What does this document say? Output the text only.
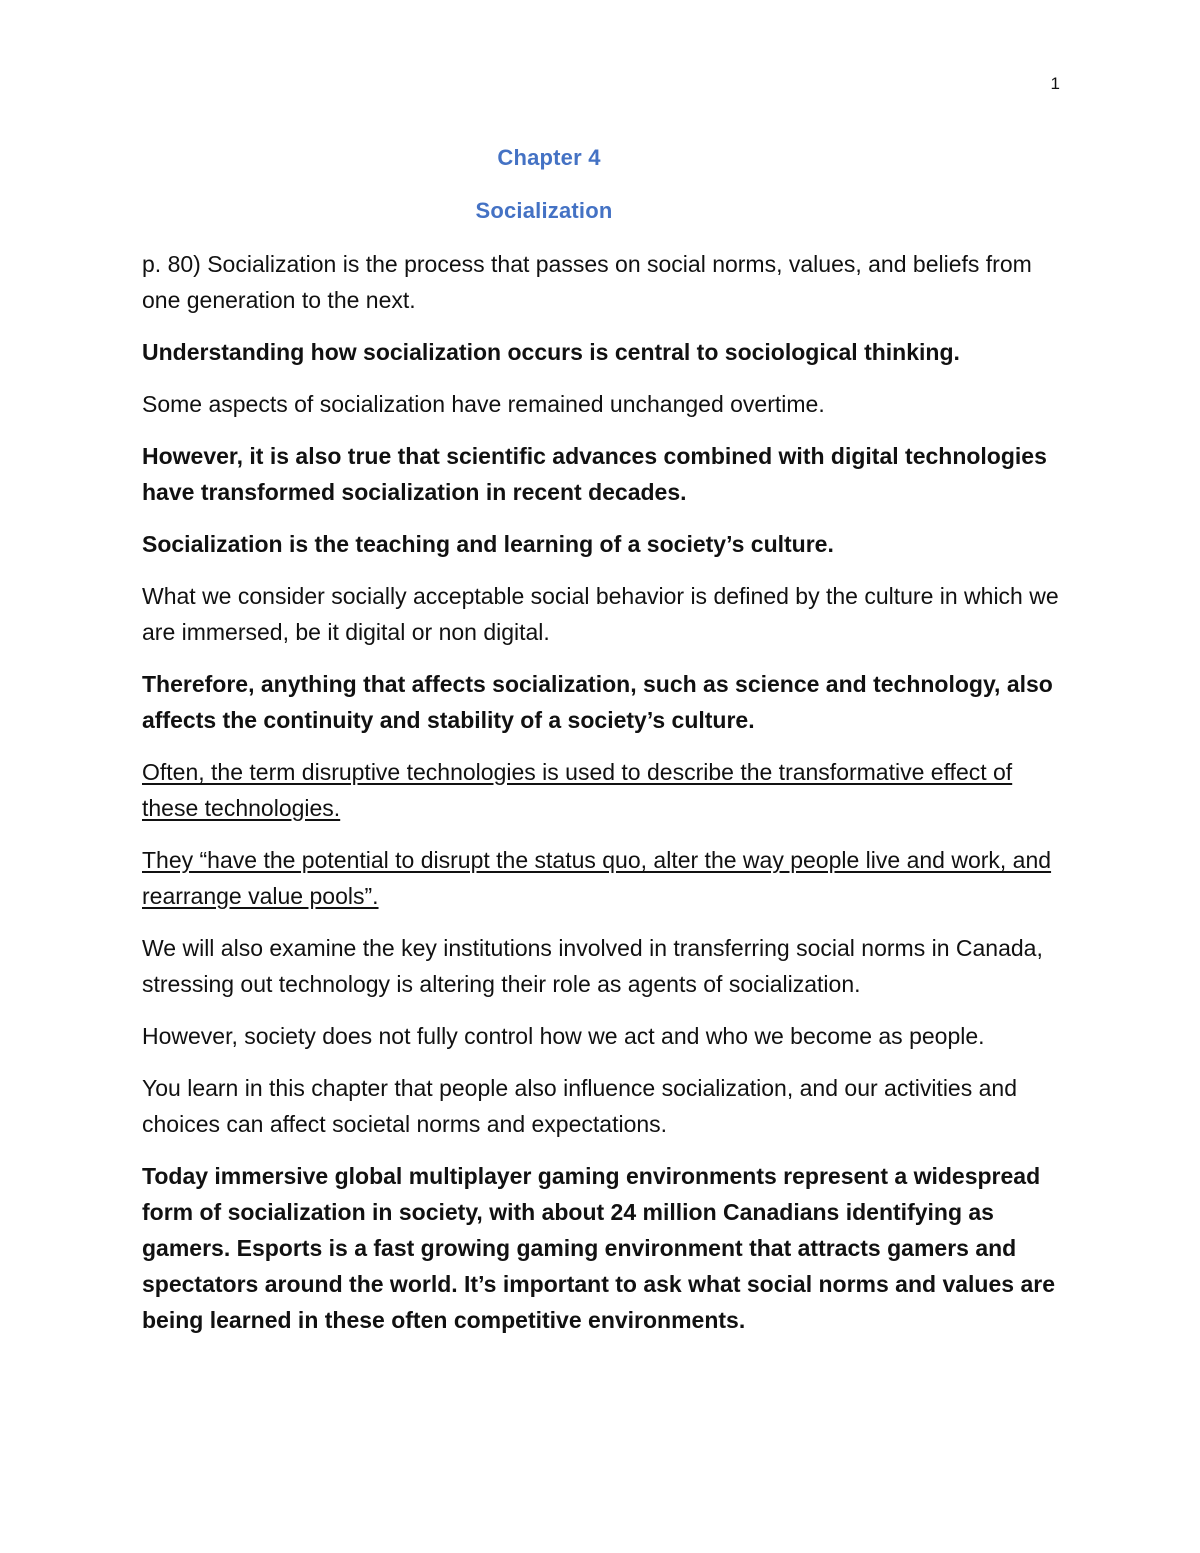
1
Chapter 4
Socialization

p. 80) Socialization is the process that passes on social norms, values, and beliefs from one generation to the next.

Understanding how socialization occurs is central to sociological thinking.

Some aspects of socialization have remained unchanged overtime.

However, it is also true that scientific advances combined with digital technologies have transformed socialization in recent decades.

Socialization is the teaching and learning of a society’s culture.

What we consider socially acceptable social behavior is defined by the culture in which we are immersed, be it digital or non digital.

Therefore, anything that affects socialization, such as science and technology, also affects the continuity and stability of a society’s culture.

Often, the term disruptive technologies is used to describe the transformative effect of these technologies.

They “have the potential to disrupt the status quo, alter the way people live and work, and rearrange value pools”.

We will also examine the key institutions involved in transferring social norms in Canada, stressing out technology is altering their role as agents of socialization.

However, society does not fully control how we act and who we become as people.

You learn in this chapter that people also influence socialization, and our activities and choices can affect societal norms and expectations.

Today immersive global multiplayer gaming environments represent a widespread form of socialization in society, with about 24 million Canadians identifying as gamers. Esports is a fast growing gaming environment that attracts gamers and spectators around the world. It’s important to ask what social norms and values are being learned in these often competitive environments.
